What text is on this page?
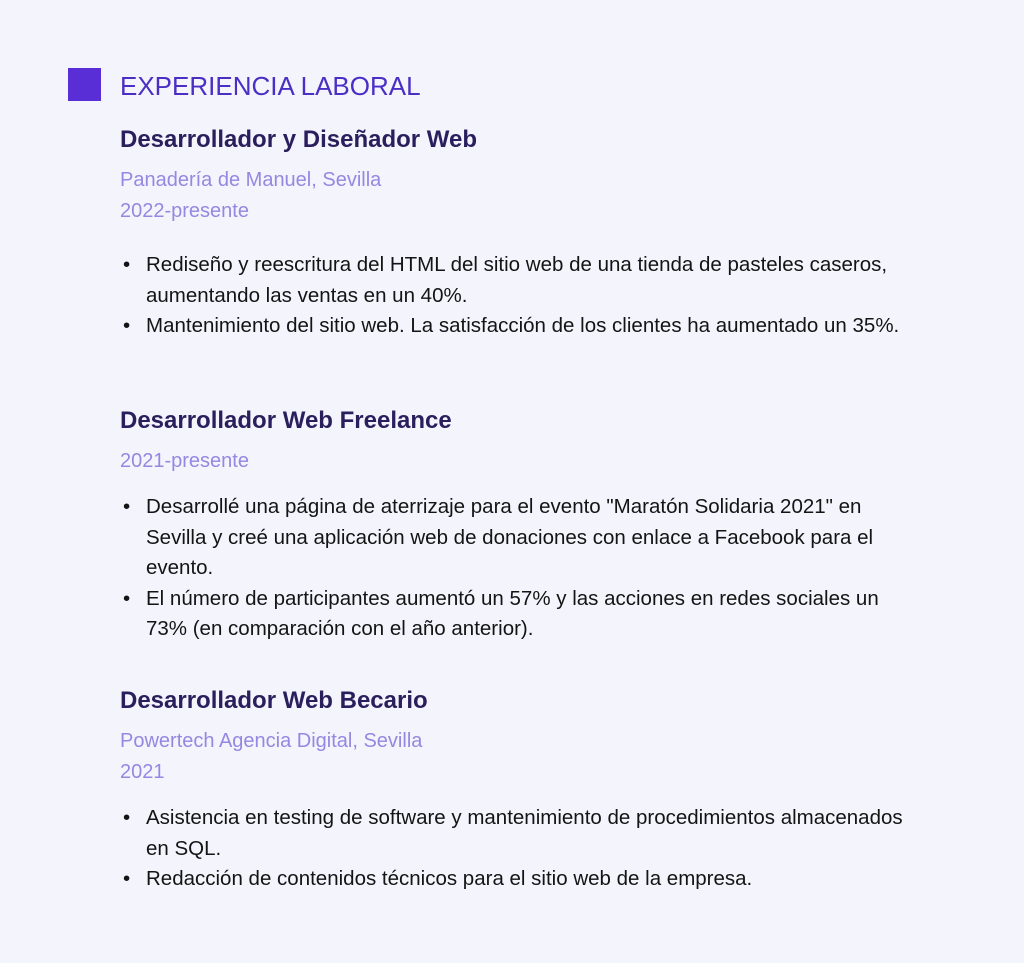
EXPERIENCIA LABORAL
Desarrollador y Diseñador Web
Panadería de Manuel, Sevilla
2022-presente
• Rediseño y reescritura del HTML del sitio web de una tienda de pasteles caseros, aumentando las ventas en un 40%.
• Mantenimiento del sitio web. La satisfacción de los clientes ha aumentado un 35%.
Desarrollador Web Freelance
2021-presente
• Desarrollé una página de aterrizaje para el evento "Maratón Solidaria 2021" en Sevilla y creé una aplicación web de donaciones con enlace a Facebook para el evento.
• El número de participantes aumentó un 57% y las acciones en redes sociales un 73% (en comparación con el año anterior).
Desarrollador Web Becario
Powertech Agencia Digital, Sevilla
2021
• Asistencia en testing de software y mantenimiento de procedimientos almacenados en SQL.
• Redacción de contenidos técnicos para el sitio web de la empresa.
